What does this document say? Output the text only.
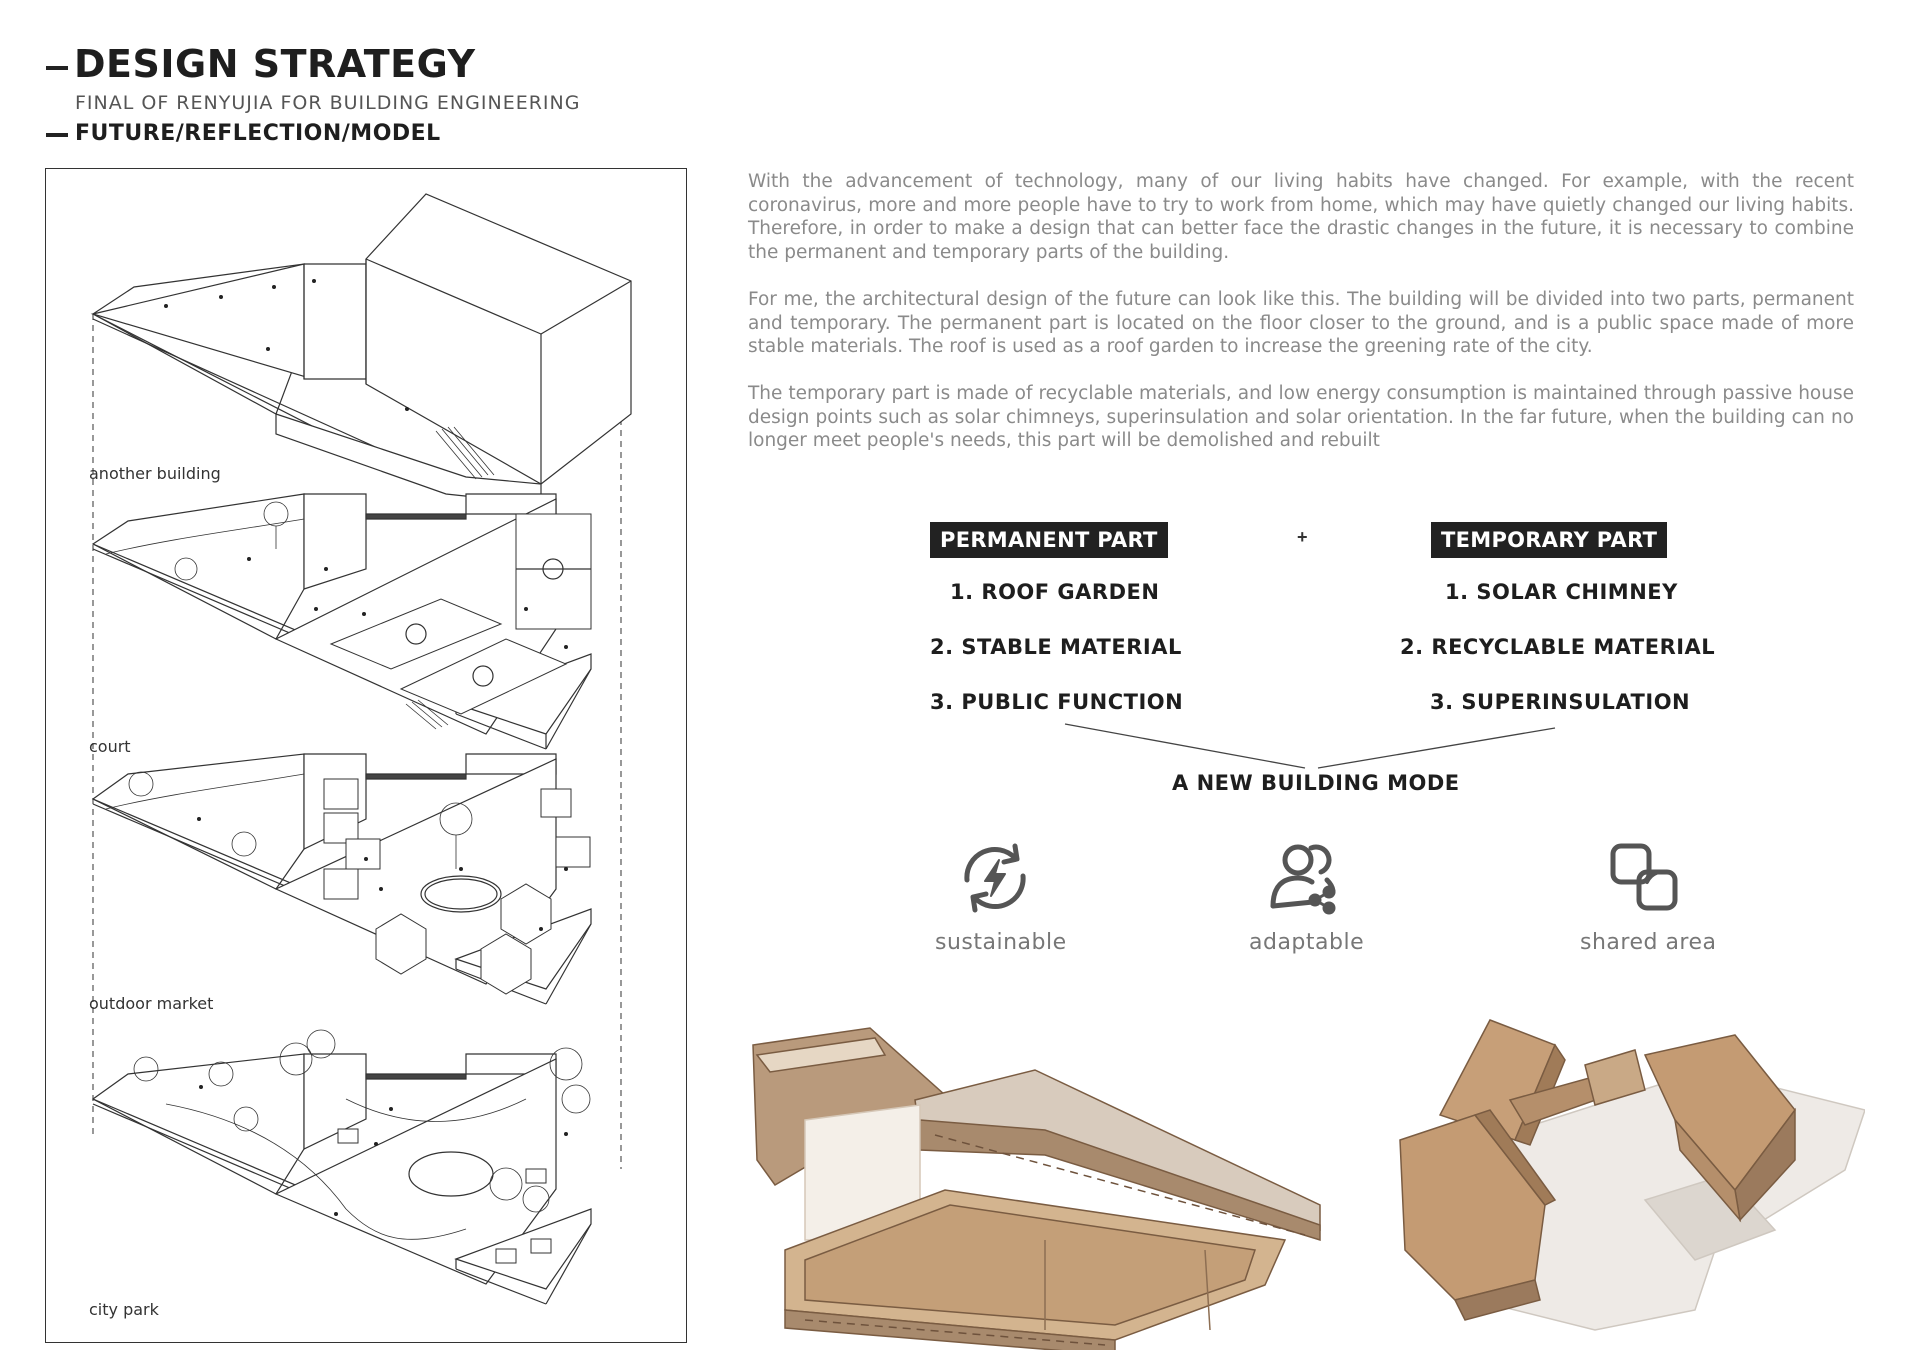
DESIGN STRATEGY
FINAL OF RENYUJIA FOR BUILDING ENGINEERING
FUTURE/REFLECTION/MODEL
another building
court
outdoor market
city park
With the advancement of technology, many of our living habits have changed. For example, with the recent coronavirus, more and more people have to try to work from home, which may have quietly changed our living habits. Therefore, in order to make a design that can better face the drastic changes in the future, it is necessary to combine the permanent and temporary parts of the building.
For me, the architectural design of the future can look like this. The building will be divided into two parts, permanent and temporary. The permanent part is located on the floor closer to the ground, and is a public space made of more stable materials. The roof is used as a roof garden to increase the greening rate of the city.
The temporary part is made of recyclable materials, and low energy consumption is maintained through passive house design points such as solar chimneys, superinsulation and solar orientation. In the far future, when the building can no longer meet people's needs, this part will be demolished and rebuilt
PERMANENT PART	+	TEMPORARY PART
1. ROOF GARDEN
2. STABLE MATERIAL
3. PUBLIC FUNCTION
1. SOLAR CHIMNEY
2. RECYCLABLE MATERIAL
3. SUPERINSULATION
A NEW BUILDING MODE
sustainable	adaptable	shared area
